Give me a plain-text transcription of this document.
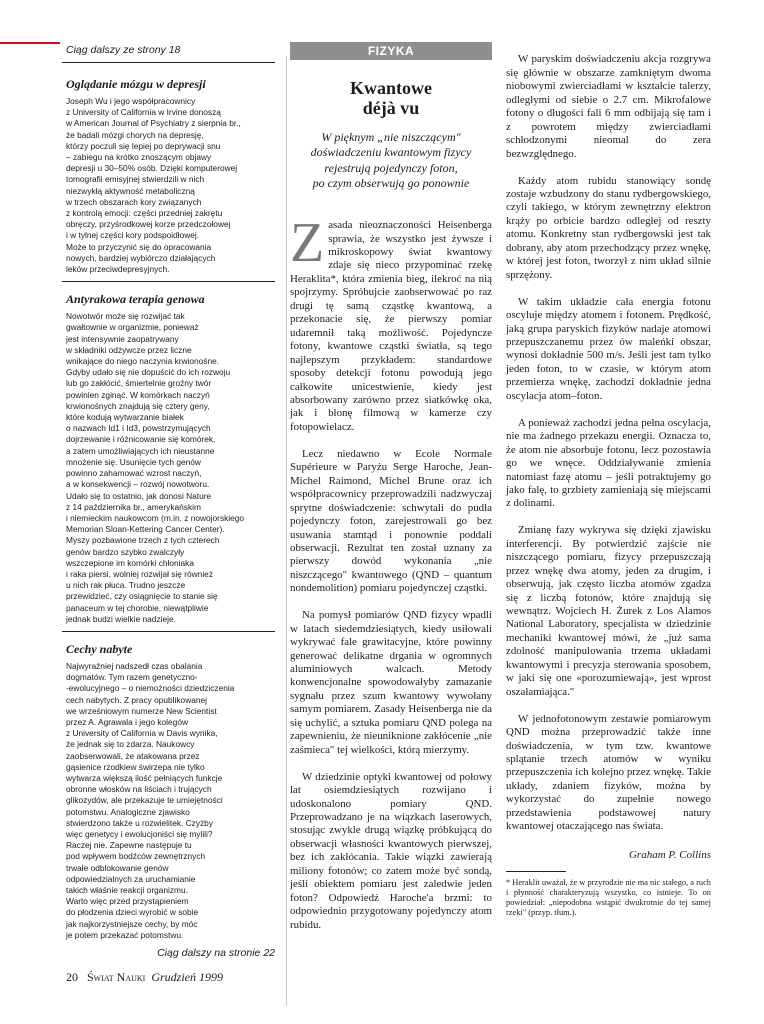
Ciąg dalszy ze strony 18
Oglądanie mózgu w depresji
Joseph Wu i jego współpracownicy
z University of California w Irvine donoszą
w American Journal of Psychiatry z sierpnia br.,
że badali mózgi chorych na depresję,
którzy poczuli się lepiej po deprywacji snu
– zabiegu na krótko znoszącym objawy
depresji u 30–50% osób. Dzięki komputerowej
tomografii emisyjnej stwierdzili w nich
niezwykłą aktywność metaboliczną
w trzech obszarach kory związanych
z kontrolą emocji: części przedniej zakrętu
obręczy, przyśrodkowej korze przedczołowej
i w tylnej części kory podspoidłowej.
Może to przyczynić się do opracowania
nowych, bardziej wybiórczo działających
leków przeciwdepresyjnych.
Antyrakowa terapia genowa
Nowotwór może się rozwijać tak
gwałtownie w organizmie, ponieważ
jest intensywnie zaopatrywany
w składniki odżywcze przez liczne
wnikające do niego naczynia krwionośne.
Gdyby udało się nie dopuścić do ich rozwoju
lub go zakłócić, śmiertelnie groźny twór
powinien zginąć. W komórkach naczyń
krwionośnych znajdują się cztery geny,
które kodują wytwarzanie białek
o nazwach Id1 i Id3, powstrzymujących
dojrzewanie i różnicowanie się komórek,
a zatem umożliwiających ich nieustanne
mnożenie się. Usunięcie tych genów
powinno zahamować wzrost naczyń,
a w konsekwencji – rozwój nowotworu.
Udało się to ostatnio, jak donosi Nature
z 14 października br., amerykańskim
i niemieckim naukowcom (m.in. z nowojorskiego
Memorian Sloan-Kettering Cancer Center).
Myszy pozbawione trzech z tych czterech
genów bardzo szybko zwalczyły
wszczepione im komórki chłoniaka
i raka piersi, wolniej rozwijał się również
u nich rak płuca. Trudno jeszcze
przewidzieć, czy osiągnięcie to stanie się
panaceum w tej chorobie, niewątpliwie
jednak budzi wielkie nadzieje.
Cechy nabyte
Najwyraźniej nadszedł czas obalania
dogmatów. Tym razem genetyczno-
-ewolucyjnego – o niemożności dziedziczenia
cech nabytych. Z pracy opublikowanej
we wrześniowym numerze New Scientist
przez A. Agrawala i jego kolegów
z University of California w Davis wynika,
że jednak się to zdarza. Naukowcy
zaobserwowali, że atakowana przez
gąsienice rzodkiew świrzepa nie tylko
wytwarza większą ilość pełniących funkcje
obronne włosków na liściach i trujących
glikozydów, ale przekazuje te umiejętności
potomstwu. Analogiczne zjawisko
stwierdzono także u rozwielitek. Czyżby
więc genetycy i ewolucjoniści się mylili?
Raczej nie. Zapewne następuje tu
pod wpływem bodźców zewnętrznych
trwałe odblokowanie genów
odpowiedzialnych za uruchamianie
takich właśnie reakcji organizmu.
Warto więc przed przystąpieniem
do płodzenia dzieci wyrobić w sobie
jak najkorzystniejsze cechy, by móc
je potem przekazać potomstwu.
Ciąg dalszy na stronie 22
FIZYKA
Kwantowe
déjà vu
W pięknym „nie niszczącym"
doświadczeniu kwantowym fizycy
rejestrują pojedynczy foton,
po czym obserwują go ponownie

Zasada nieoznaczoności Heisenberga sprawia, że wszystko jest żywsze i mikroskopowy świat kwantowy zdaje się nieco przypominać rzekę Heraklita*, która zmienia bieg, ilekroć na nią spojrzymy. Spróbujcie zaobserwować po raz drugi tę samą cząstkę kwantową, a przekonacie się, że pierwszy pomiar udaremnił taką możliwość. Pojedyncze fotony, kwantowe cząstki światła, są tego najlepszym przykładem: standardowe sposoby detekcji fotonu powodują jego całkowite unicestwienie, kiedy jest absorbowany zarówno przez siatkówkę oka, jak i błonę filmową w kamerze czy fotopowielacz.

Lecz niedawno w Ecole Normale Supérieure w Paryżu Serge Haroche, Jean-Michel Raimond, Michel Brune oraz ich współpracownicy przeprowadzili nadzwyczaj sprytne doświadczenie: schwytali do pudła pojedynczy foton, zarejestrowali go bez usuwania stamtąd i ponownie poddali obserwacji. Rezultat ten został uznany za pierwszy dowód wykonania „nie niszczącego" kwantowego (QND – quantum nondemolition) pomiaru pojedynczej cząstki.

Na pomysł pomiarów QND fizycy wpadli w latach siedemdziesiątych, kiedy usiłowali wykrywać fale grawitacyjne, które powinny generować delikatne drgania w ogromnych aluminiowych walcach. Metody konwencjonalne spowodowałyby zamazanie sygnału przez szum kwantowy wywołany samym pomiarem. Zasady Heisenberga nie da się uchylić, a sztuka pomiaru QND polega na zapewnieniu, że nieuniknione zakłócenie „nie zaśmieca" tej wielkości, którą mierzymy.

W dziedzinie optyki kwantowej od połowy lat osiemdziesiątych rozwijano i udoskonalono pomiary QND. Przeprowadzano je na wiązkach laserowych, stosując zwykle drugą wiązkę próbkującą do obserwacji własności kwantowych pierwszej, bez ich zakłócania. Takie wiązki zawierają miliony fotonów; co zatem może być sondą, jeśli obiektem pomiaru jest zaledwie jeden foton? Odpowiedź Haroche'a brzmi: to odpowiednio przygotowany pojedynczy atom rubidu.

W paryskim doświadczeniu akcja rozgrywa się głównie w obszarze zamkniętym dwoma niobowymi zwierciadłami w kształcie talerzy, odległymi od siebie o 2.7 cm. Mikrofalowe fotony o długości fali 6 mm odbijają się tam i z powrotem między zwierciadłami schłodzonymi nieomal do zera bezwzględnego.

Każdy atom rubidu stanowiący sondę zostaje wzbudzony do stanu rydbergowskiego, czyli takiego, w którym zewnętrzny elektron krąży po orbicie bardzo odległej od reszty atomu. Konkretny stan rydbergowski jest tak dobrany, aby atom przechodzący przez wnękę, w której jest foton, tworzył z nim układ silnie sprzężony.

W takim układzie cała energia fotonu oscyluje między atomem i fotonem. Prędkość, jaką grupa paryskich fizyków nadaje atomowi przepuszczanemu przez ów maleńki obszar, wynosi dokładnie 500 m/s. Jeśli jest tam tylko jeden foton, to w czasie, w którym atom przemierza wnękę, zachodzi dokładnie jedna oscylacja atom–foton.

A ponieważ zachodzi jedna pełna oscylacja, nie ma żadnego przekazu energii. Oznacza to, że atom nie absorbuje fotonu, lecz pozostawia go we wnęce. Oddziaływanie zmienia natomiast fazę atomu – jeśli potraktujemy go jako falę, to grzbiety zamieniają się miejscami z dolinami.

Zmianę fazy wykrywa się dzięki zjawisku interferencji. By potwierdzić zajście nie niszczącego pomiaru, fizycy przepuszczają przez wnękę dwa atomy, jeden za drugim, i obserwują, jak często liczba atomów zgadza się z liczbą fotonów, które znajdują się wewnątrz. Wojciech H. Żurek z Los Alamos National Laboratory, specjalista w dziedzinie mechaniki kwantowej mówi, że „już sama zdolność manipulowania trzema układami kwantowymi i precyzja sterowania sposobem, w jaki się one «porozumiewają», jest wprost oszałamiająca."

W jednofotonowym zestawie pomiarowym QND można przeprowadzić także inne doświadczenia, w tym tzw. kwantowe splątanie trzech atomów w wyniku przepuszczenia ich kolejno przez wnękę. Takie układy, zdaniem fizyków, można by wykorzystać do zupełnie nowego przedstawienia podstawowej natury kwantowej otaczającego nas świata.

Graham P. Collins
* Heraklit uważał, że w przyrodzie nie ma nic stałego, a ruch i płynność charakteryzują wszystko, co istnieje. To on powiedział: „niepodobna wstąpić dwukrotnie do tej samej rzeki" (przyp. tłum.).
20 Świat Nauki Grudzień 1999
